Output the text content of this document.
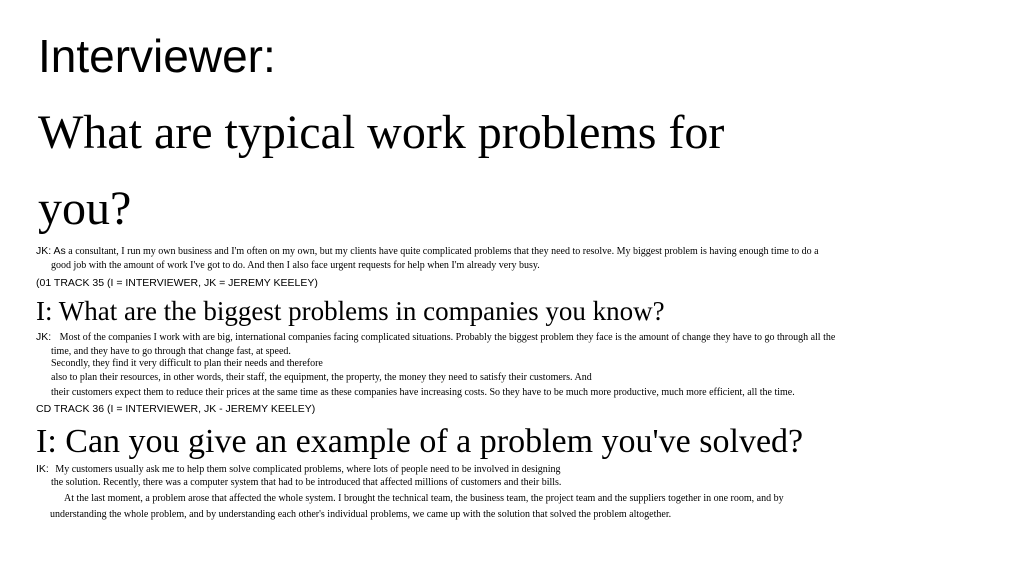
Interviewer:
What are typical work problems for
you?
JK: As a consultant, I run my own business and I'm often on my own, but my clients have quite complicated problems that they need to resolve. My biggest problem is having enough time to do a
good job with the amount of work I've got to do. And then I also face urgent requests for help when I'm already very busy.
(01 TRACK 35 (I = INTERVIEWER, JK = JEREMY KEELEY)
I: What are the biggest problems in companies you know?
JK: Most of the companies I work with are big, international companies facing complicated situations. Probably the biggest problem they face is the amount of change they have to go through all the
time, and they have to go through that change fast, at speed.
Secondly, they find it very difficult to plan their needs and therefore
also to plan their resources, in other words, their staff, the equipment, the property, the money they need to satisfy their customers. And
their customers expect them to reduce their prices at the same time as these companies have increasing costs. So they have to be much more productive, much more efficient, all the time.
CD TRACK 36 (I = INTERVIEWER, JK - JEREMY KEELEY)
I: Can you give an example of a problem you've solved?
IK: My customers usually ask me to help them solve complicated problems, where lots of people need to be involved in designing
the solution. Recently, there was a computer system that had to be introduced that affected millions of customers and their bills.
At the last moment, a problem arose that affected the whole system. I brought the technical team, the business team, the project team and the suppliers together in one room, and by
understanding the whole problem, and by understanding each other's individual problems, we came up with the solution that solved the problem altogether.
